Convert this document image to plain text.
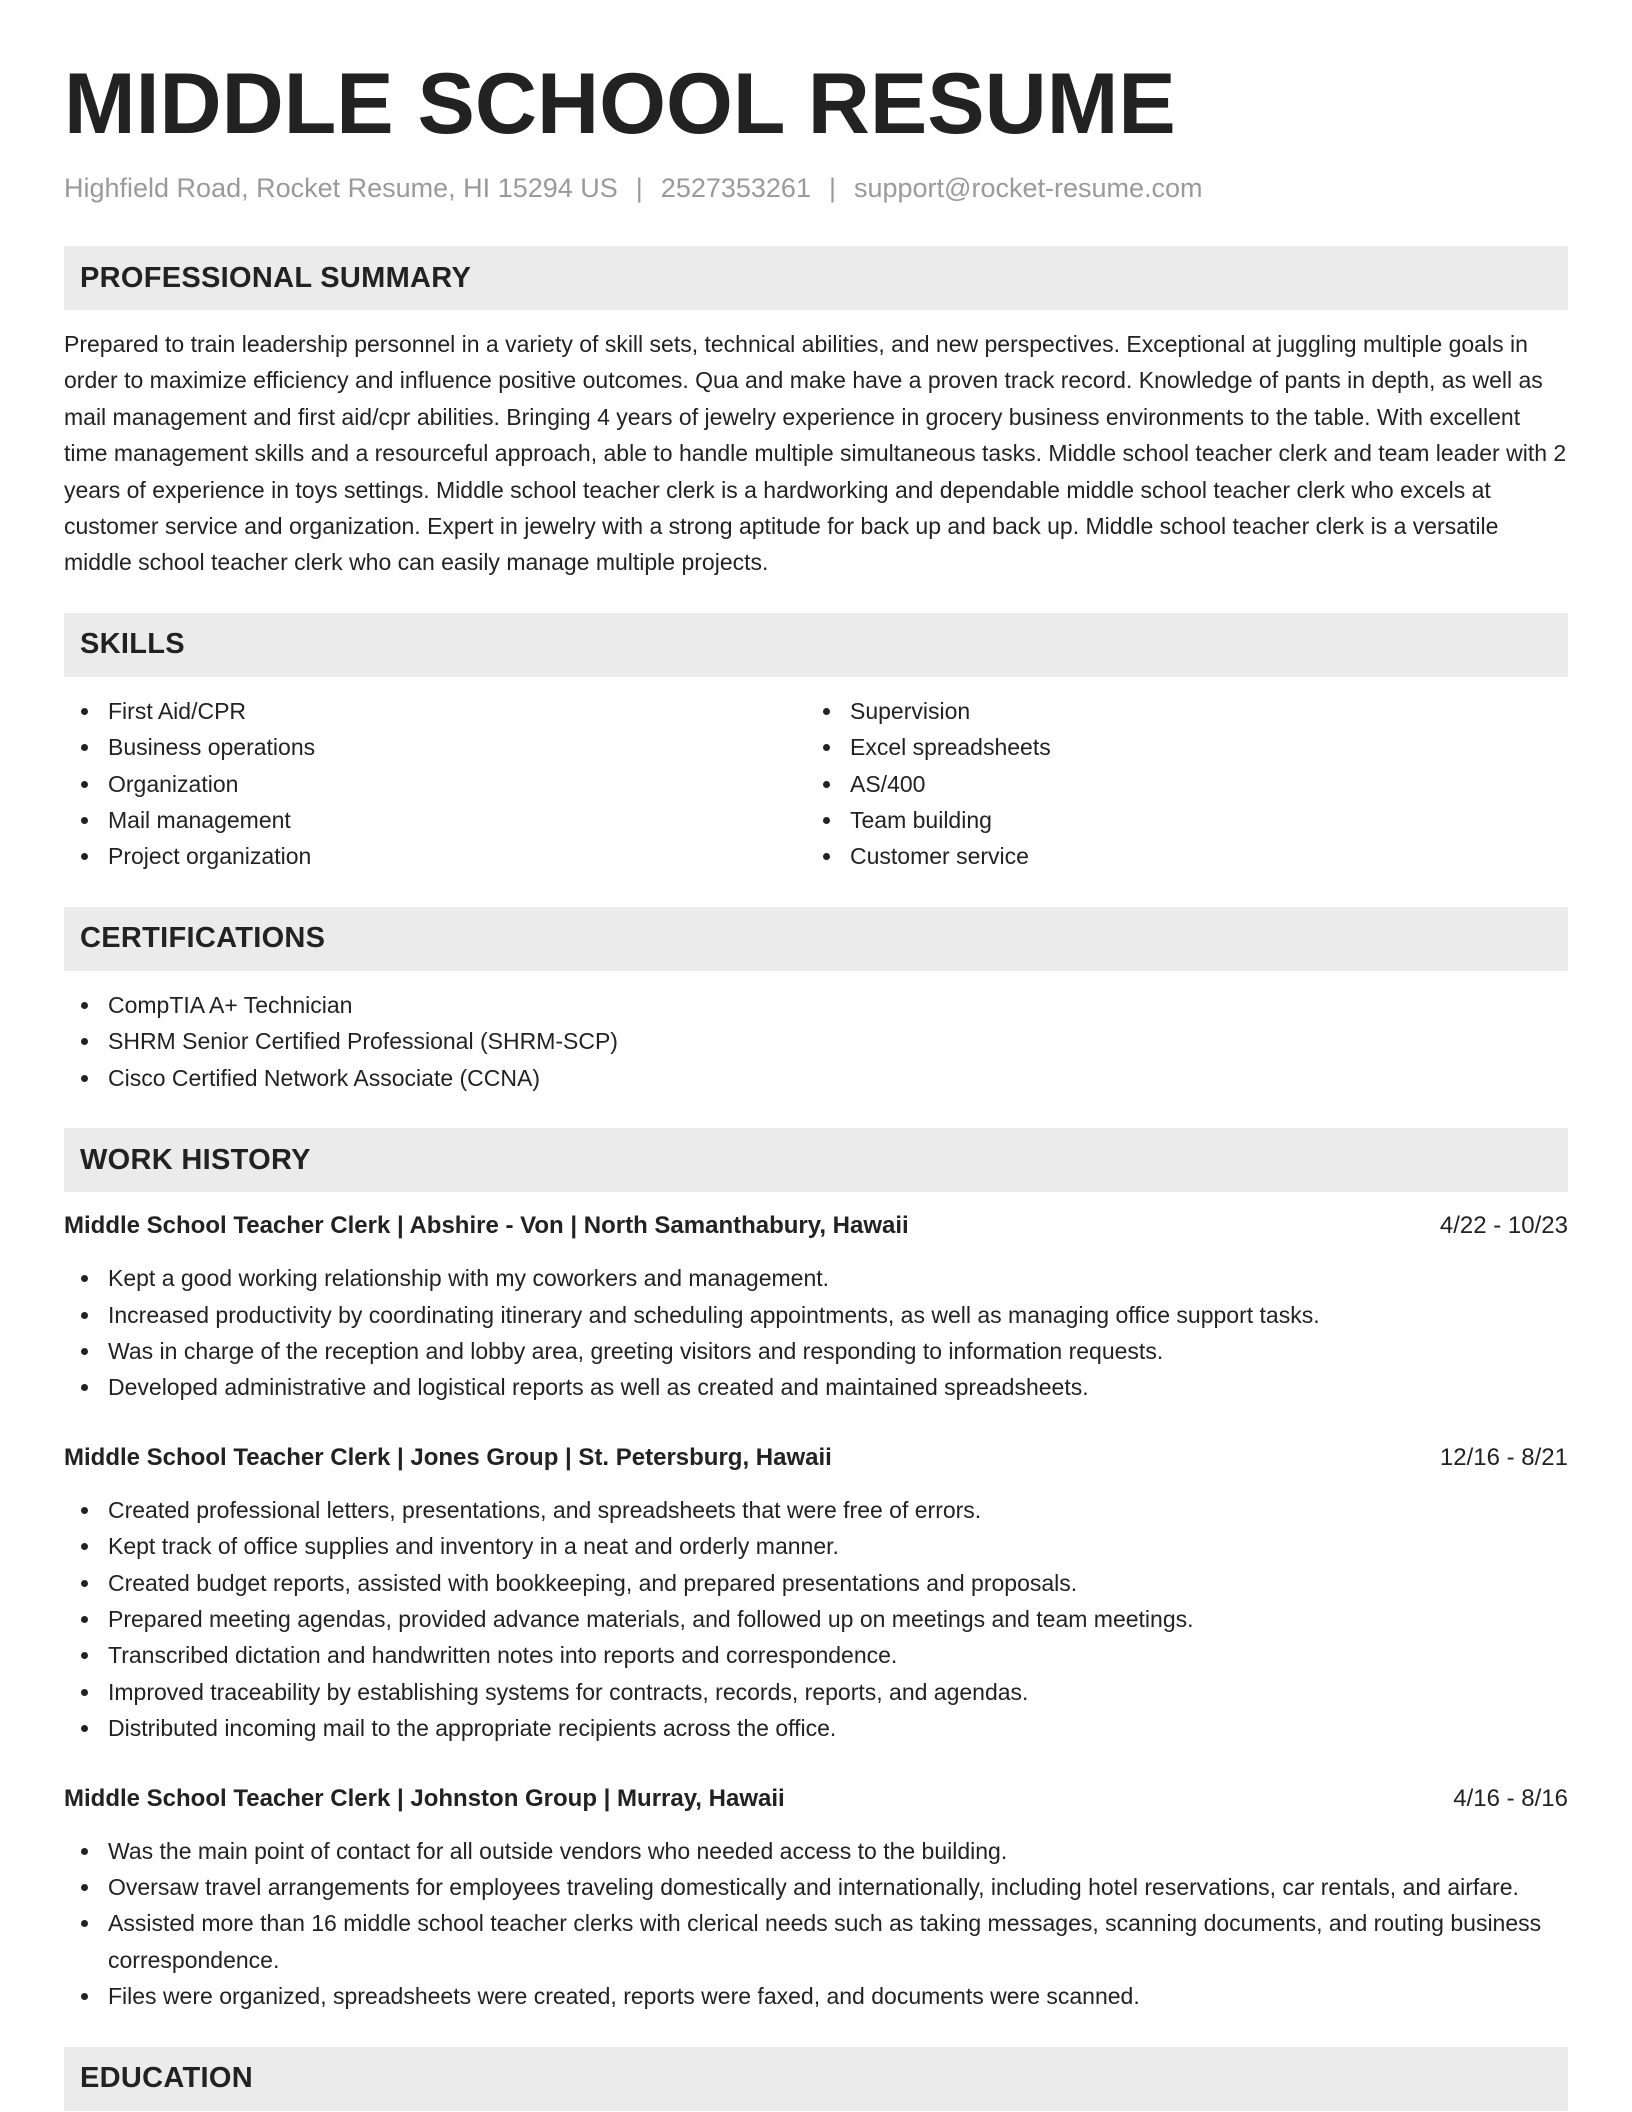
MIDDLE SCHOOL RESUME
Highfield Road, Rocket Resume, HI 15294 US | 2527353261 | support@rocket-resume.com
PROFESSIONAL SUMMARY

Prepared to train leadership personnel in a variety of skill sets, technical abilities, and new perspectives. Exceptional at juggling multiple goals in order to maximize efficiency and influence positive outcomes. Qua and make have a proven track record. Knowledge of pants in depth, as well as mail management and first aid/cpr abilities. Bringing 4 years of jewelry experience in grocery business environments to the table. With excellent time management skills and a resourceful approach, able to handle multiple simultaneous tasks. Middle school teacher clerk and team leader with 2 years of experience in toys settings. Middle school teacher clerk is a hardworking and dependable middle school teacher clerk who excels at customer service and organization. Expert in jewelry with a strong aptitude for back up and back up. Middle school teacher clerk is a versatile middle school teacher clerk who can easily manage multiple projects.

SKILLS
First Aid/CPR
Business operations
Organization
Mail management
Project organization
Supervision
Excel spreadsheets
AS/400
Team building
Customer service
CERTIFICATIONS
CompTIA A+ Technician
SHRM Senior Certified Professional (SHRM-SCP)
Cisco Certified Network Associate (CCNA)
WORK HISTORY
Middle School Teacher Clerk | Abshire - Von | North Samanthabury, Hawaii	4/22 - 10/23
Kept a good working relationship with my coworkers and management.
Increased productivity by coordinating itinerary and scheduling appointments, as well as managing office support tasks.
Was in charge of the reception and lobby area, greeting visitors and responding to information requests.
Developed administrative and logistical reports as well as created and maintained spreadsheets.
Middle School Teacher Clerk | Jones Group | St. Petersburg, Hawaii	12/16 - 8/21
Created professional letters, presentations, and spreadsheets that were free of errors.
Kept track of office supplies and inventory in a neat and orderly manner.
Created budget reports, assisted with bookkeeping, and prepared presentations and proposals.
Prepared meeting agendas, provided advance materials, and followed up on meetings and team meetings.
Transcribed dictation and handwritten notes into reports and correspondence.
Improved traceability by establishing systems for contracts, records, reports, and agendas.
Distributed incoming mail to the appropriate recipients across the office.
Middle School Teacher Clerk | Johnston Group | Murray, Hawaii	4/16 - 8/16
Was the main point of contact for all outside vendors who needed access to the building.
Oversaw travel arrangements for employees traveling domestically and internationally, including hotel reservations, car rentals, and airfare.
Assisted more than 16 middle school teacher clerks with clerical needs such as taking messages, scanning documents, and routing business correspondence.
Files were organized, spreadsheets were created, reports were faxed, and documents were scanned.
EDUCATION
